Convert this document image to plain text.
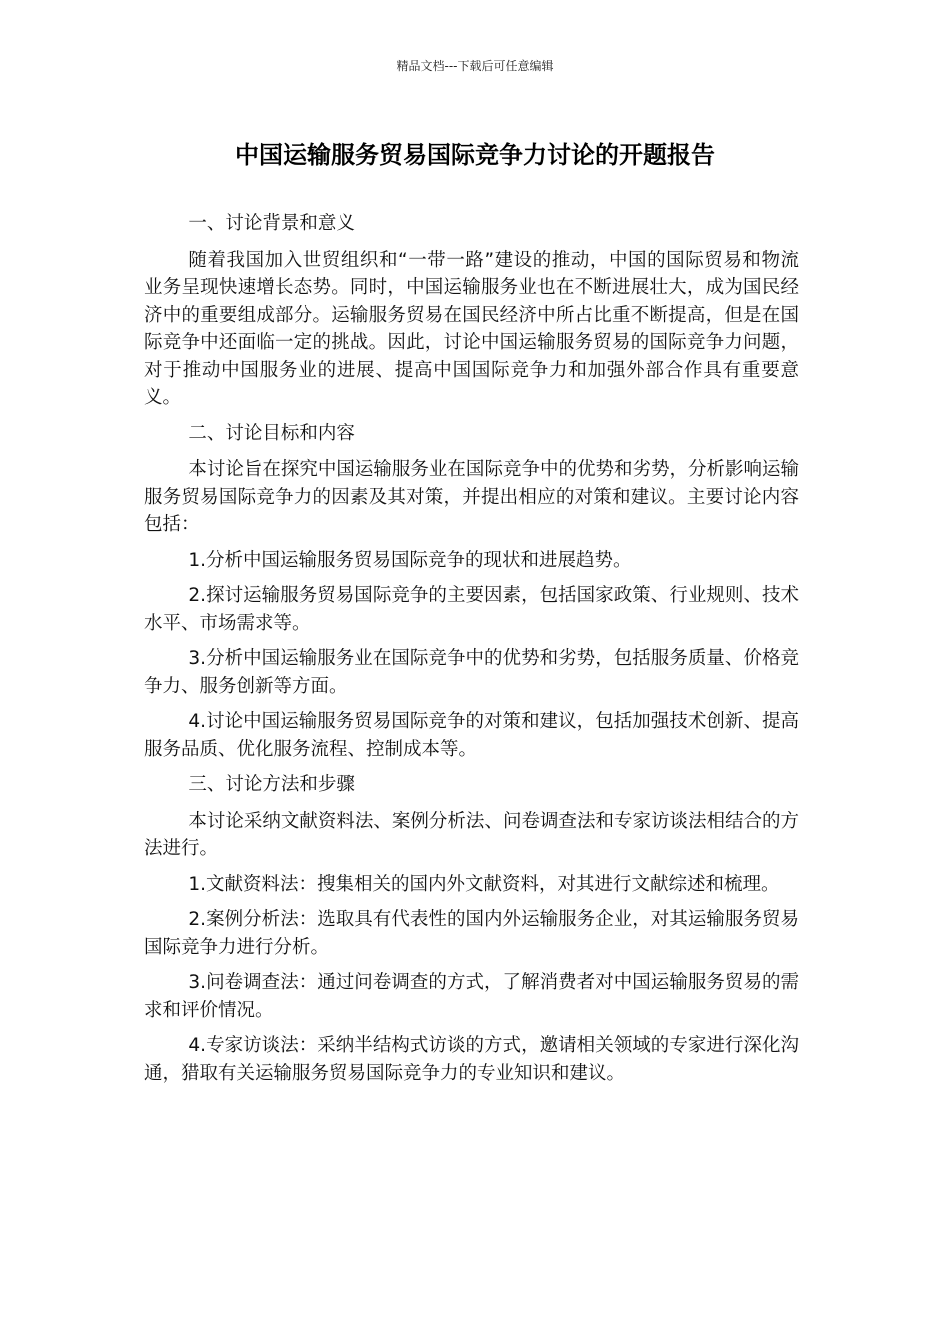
精品文档---下载后可任意编辑
中国运输服务贸易国际竞争力讨论的开题报告

一、讨论背景和意义

随着我国加入世贸组织和“一带一路”建设的推动，中国的国际贸易和物流业务呈现快速增长态势。同时，中国运输服务业也在不断进展壮大，成为国民经济中的重要组成部分。运输服务贸易在国民经济中所占比重不断提高，但是在国际竞争中还面临一定的挑战。因此，讨论中国运输服务贸易的国际竞争力问题，对于推动中国服务业的进展、提高中国国际竞争力和加强外部合作具有重要意义。

二、讨论目标和内容

本讨论旨在探究中国运输服务业在国际竞争中的优势和劣势，分析影响运输服务贸易国际竞争力的因素及其对策，并提出相应的对策和建议。主要讨论内容包括：

1.分析中国运输服务贸易国际竞争的现状和进展趋势。

2.探讨运输服务贸易国际竞争的主要因素，包括国家政策、行业规则、技术水平、市场需求等。

3.分析中国运输服务业在国际竞争中的优势和劣势，包括服务质量、价格竞争力、服务创新等方面。

4.讨论中国运输服务贸易国际竞争的对策和建议，包括加强技术创新、提高服务品质、优化服务流程、控制成本等。

三、讨论方法和步骤

本讨论采纳文献资料法、案例分析法、问卷调查法和专家访谈法相结合的方法进行。

1.文献资料法：搜集相关的国内外文献资料，对其进行文献综述和梳理。

2.案例分析法：选取具有代表性的国内外运输服务企业，对其运输服务贸易国际竞争力进行分析。

3.问卷调查法：通过问卷调查的方式，了解消费者对中国运输服务贸易的需求和评价情况。

4.专家访谈法：采纳半结构式访谈的方式，邀请相关领域的专家进行深化沟通，猎取有关运输服务贸易国际竞争力的专业知识和建议。
